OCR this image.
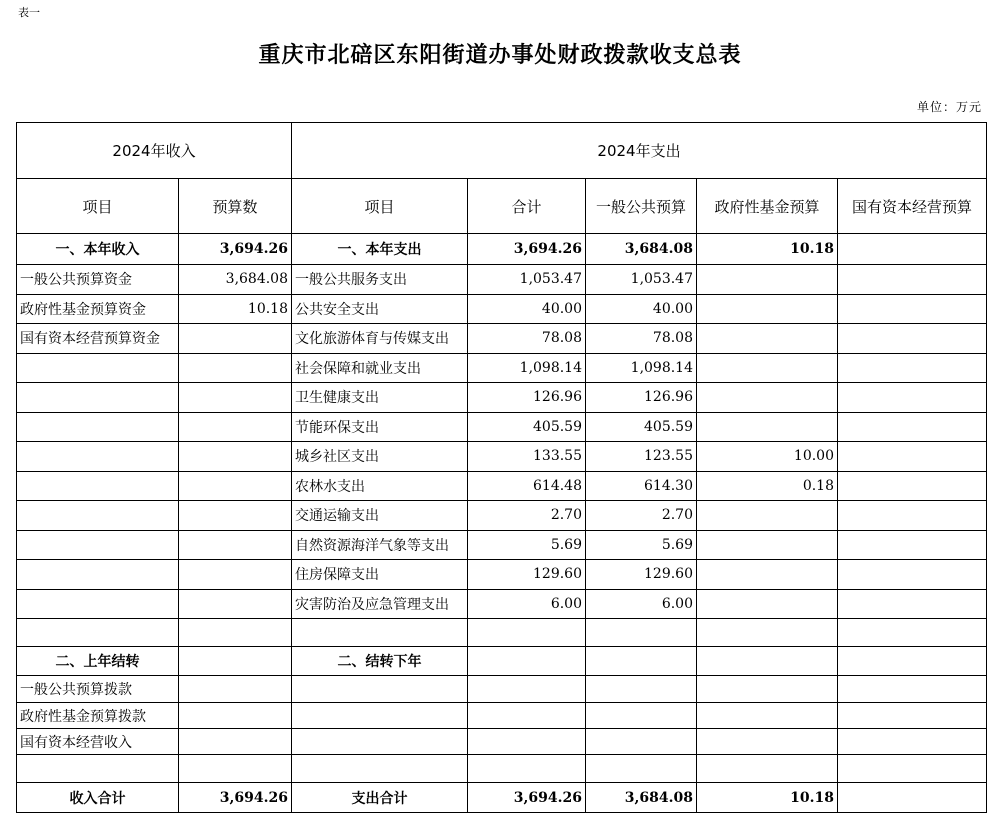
表一
重庆市北碚区东阳街道办事处财政拨款收支总表
单位：万元
2024年收入		2024年支出				
项目	预算数	项目	合计	一般公共预算	政府性基金预算	国有资本经营预算
一、本年收入	3,694.26	一、本年支出	3,694.26	3,684.08	10.18	
一般公共预算资金	3,684.08	一般公共服务支出	1,053.47	1,053.47		
政府性基金预算资金	10.18	公共安全支出	40.00	40.00		
国有资本经营预算资金		文化旅游体育与传媒支出	78.08	78.08		
		社会保障和就业支出	1,098.14	1,098.14		
		卫生健康支出	126.96	126.96		
		节能环保支出	405.59	405.59		
		城乡社区支出	133.55	123.55	10.00	
		农林水支出	614.48	614.30	0.18	
		交通运输支出	2.70	2.70		
		自然资源海洋气象等支出	5.69	5.69		
		住房保障支出	129.60	129.60		
		灾害防治及应急管理支出	6.00	6.00		

二、上年结转		二、结转下年				
一般公共预算拨款						
政府性基金预算拨款						
国有资本经营收入						

收入合计	3,694.26	支出合计	3,694.26	3,684.08	10.18	
